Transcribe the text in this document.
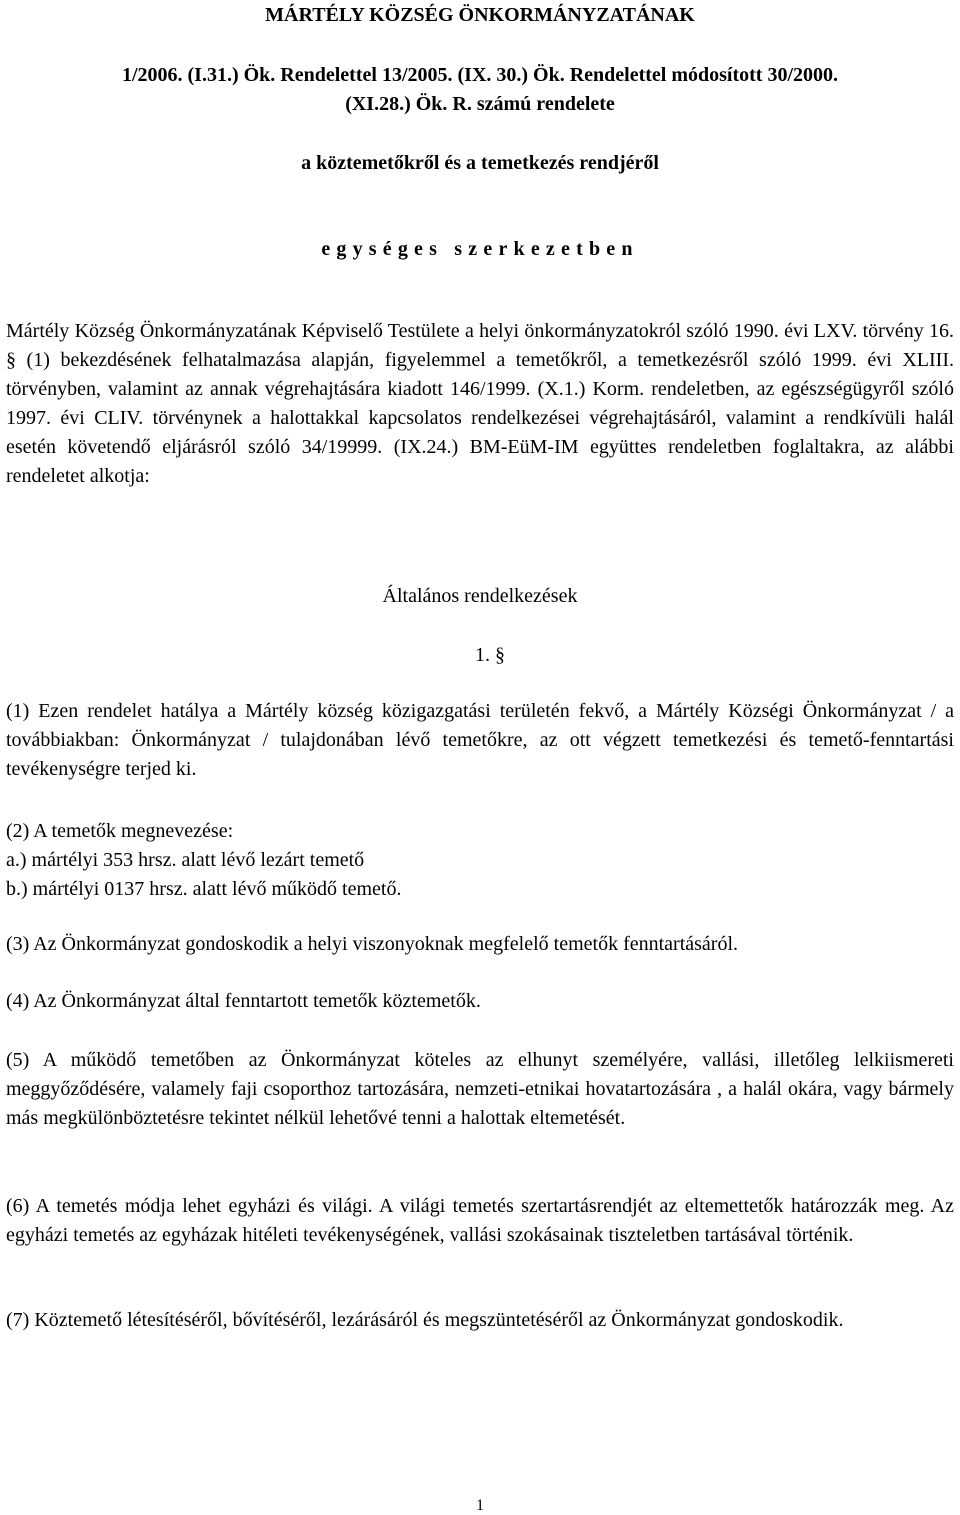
MÁRTÉLY KÖZSÉG ÖNKORMÁNYZATÁNAK
1/2006. (I.31.) Ök. Rendelettel 13/2005. (IX. 30.) Ök. Rendelettel módosított 30/2000.
(XI.28.) Ök. R. számú rendelete
a köztemetőkről és a temetkezés rendjéről
egységes szerkezetben
Mártély Község Önkormányzatának Képviselő Testülete a helyi önkormányzatokról szóló 1990. évi LXV. törvény 16. § (1) bekezdésének felhatalmazása alapján, figyelemmel a temetőkről, a temetkezésről szóló 1999. évi XLIII. törvényben, valamint az annak végrehajtására kiadott 146/1999. (X.1.) Korm. rendeletben, az egészségügyről szóló 1997. évi CLIV. törvénynek a halottakkal kapcsolatos rendelkezései végrehajtásáról, valamint a rendkívüli halál esetén követendő eljárásról szóló 34/19999. (IX.24.) BM-EüM-IM együttes rendeletben foglaltakra, az alábbi rendeletet alkotja:
Általános rendelkezések
1. §
(1) Ezen rendelet hatálya a Mártély község közigazgatási területén fekvő, a Mártély Községi Önkormányzat / a továbbiakban: Önkormányzat / tulajdonában lévő temetőkre, az ott végzett temetkezési és temető-fenntartási tevékenységre terjed ki.
(2) A temetők megnevezése:
a.) mártélyi 353 hrsz. alatt lévő lezárt temető
b.) mártélyi 0137 hrsz. alatt lévő működő temető.
(3) Az Önkormányzat gondoskodik a helyi viszonyoknak megfelelő temetők fenntartásáról.
(4) Az Önkormányzat által fenntartott temetők köztemetők.
(5) A működő temetőben az Önkormányzat köteles az elhunyt személyére, vallási, illetőleg lelkiismereti meggyőződésére, valamely faji csoporthoz tartozására, nemzeti-etnikai hovatartozására , a halál okára, vagy bármely más megkülönböztetésre tekintet nélkül lehetővé tenni a halottak eltemetését.
(6) A temetés módja lehet egyházi és világi. A világi temetés szertartásrendjét az eltemettetők határozzák meg. Az egyházi temetés az egyházak hitéleti tevékenységének, vallási szokásainak tiszteletben tartásával történik.
(7) Köztemető létesítéséről, bővítéséről, lezárásáról és megszüntetéséről az Önkormányzat gondoskodik.
1
